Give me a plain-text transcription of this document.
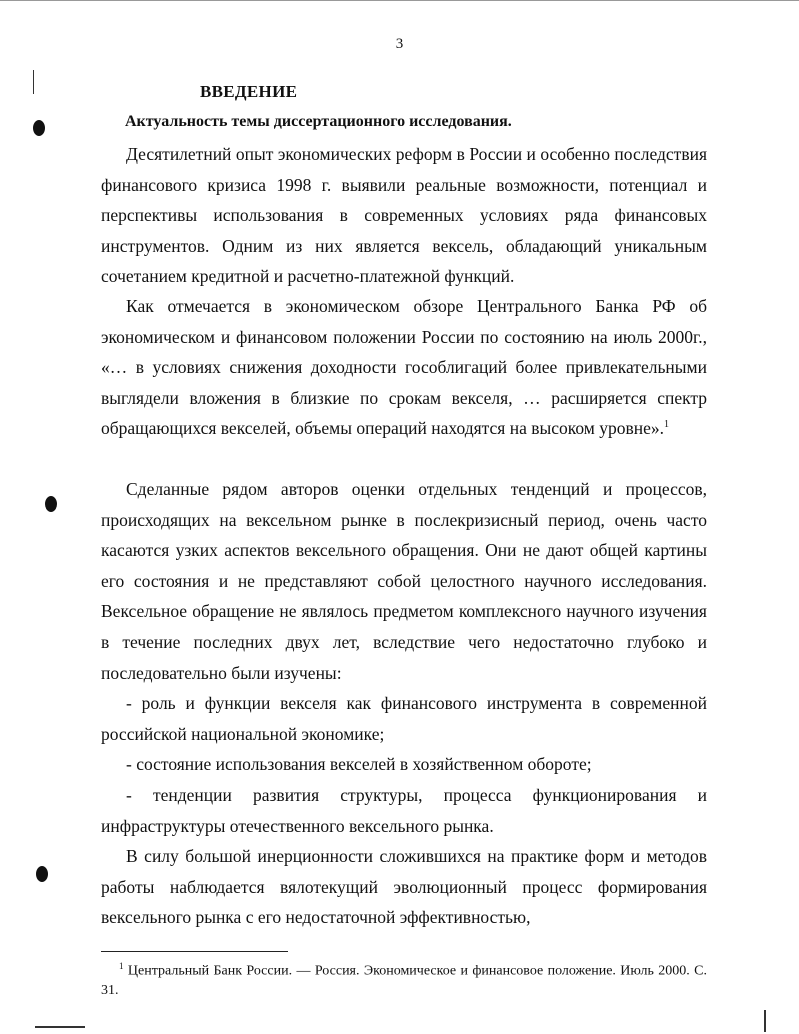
3
ВВЕДЕНИЕ
Актуальность темы диссертационного исследования.

Десятилетний опыт экономических реформ в России и особенно последствия финансового кризиса 1998 г. выявили реальные возможности, потенциал и перспективы использования в современных условиях ряда финансовых инструментов. Одним из них является вексель, обладающий уникальным сочетанием кредитной и расчетно-платежной функций.

Как отмечается в экономическом обзоре Центрального Банка РФ об экономическом и финансовом положении России по состоянию на июль 2000г., «… в условиях снижения доходности гособлигаций более привлекательными выглядели вложения в близкие по срокам векселя, … расширяется спектр обращающихся векселей, объемы операций находятся на высоком уровне».$^1$

Сделанные рядом авторов оценки отдельных тенденций и процессов, происходящих на вексельном рынке в послекризисный период, очень часто касаются узких аспектов вексельного обращения. Они не дают общей картины его состояния и не представляют собой целостного научного исследования. Вексельное обращение не являлось предметом комплексного научного изучения в течение последних двух лет, вследствие чего недостаточно глубоко и последовательно были изучены:

- роль и функции векселя как финансового инструмента в современной российской национальной экономике;

- состояние использования векселей в хозяйственном обороте;

- тенденции развития структуры, процесса функционирования и инфраструктуры отечественного вексельного рынка.

В силу большой инерционности сложившихся на практике форм и методов работы наблюдается вялотекущий эволюционный процесс формирования вексельного рынка с его недостаточной эффективностью,

$^1$ Центральный Банк России. — Россия. Экономическое и финансовое положение. Июль 2000. С. 31.
